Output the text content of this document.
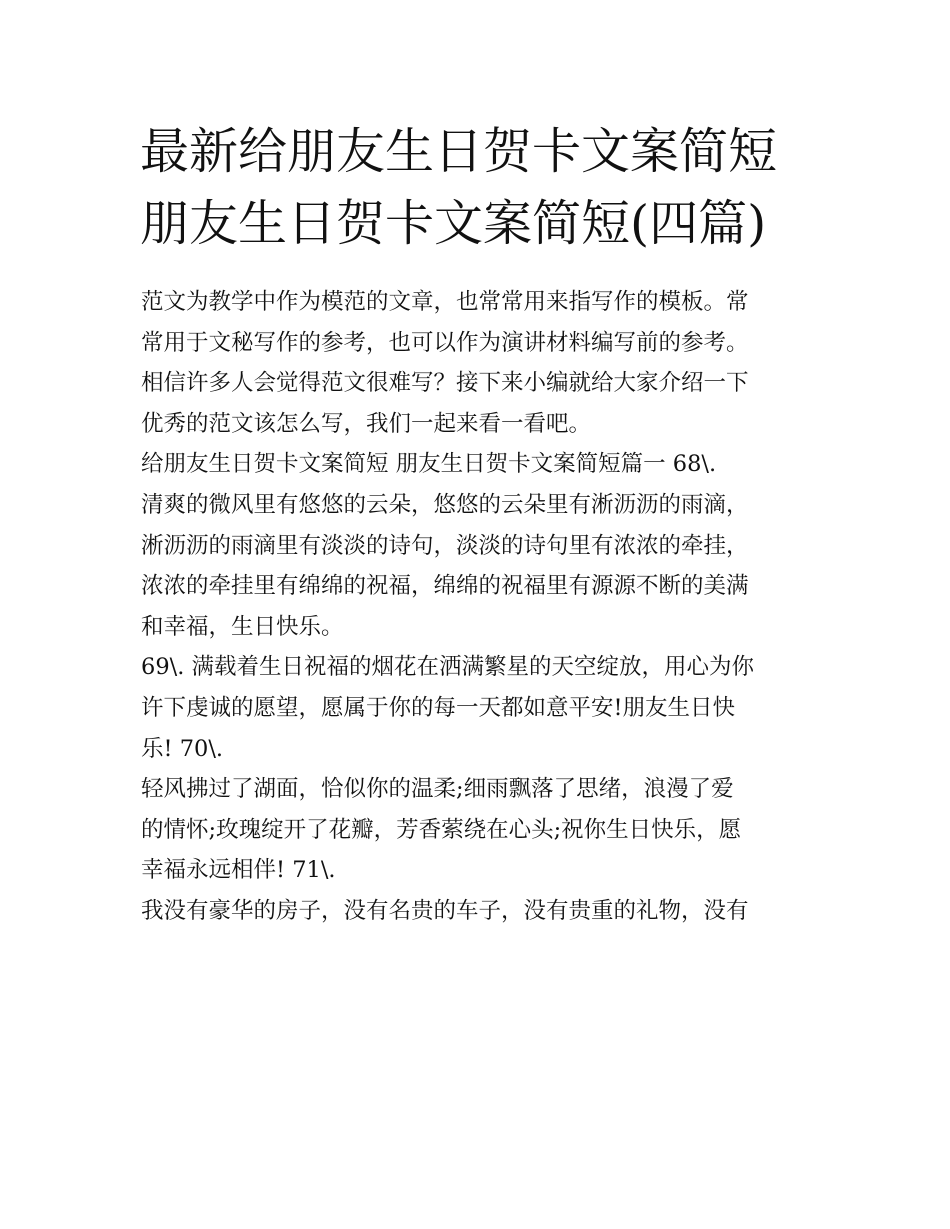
最新给朋友生日贺卡文案简短
朋友生日贺卡文案简短(四篇)

范文为教学中作为模范的文章，也常常用来指写作的模板。常
常用于文秘写作的参考，也可以作为演讲材料编写前的参考。
相信许多人会觉得范文很难写？接下来小编就给大家介绍一下
优秀的范文该怎么写，我们一起来看一看吧。

给朋友生日贺卡文案简短 朋友生日贺卡文案简短篇一 68\.

清爽的微风里有悠悠的云朵，悠悠的云朵里有淅沥沥的雨滴，
淅沥沥的雨滴里有淡淡的诗句，淡淡的诗句里有浓浓的牵挂，
浓浓的牵挂里有绵绵的祝福，绵绵的祝福里有源源不断的美满
和幸福，生日快乐。

69\. 满载着生日祝福的烟花在洒满繁星的天空绽放，用心为你
许下虔诚的愿望，愿属于你的每一天都如意平安!朋友生日快
乐! 70\.

轻风拂过了湖面，恰似你的温柔;细雨飘落了思绪，浪漫了爱
的情怀;玫瑰绽开了花瓣，芳香萦绕在心头;祝你生日快乐，愿
幸福永远相伴! 71\.

我没有豪华的房子，没有名贵的车子，没有贵重的礼物，没有
